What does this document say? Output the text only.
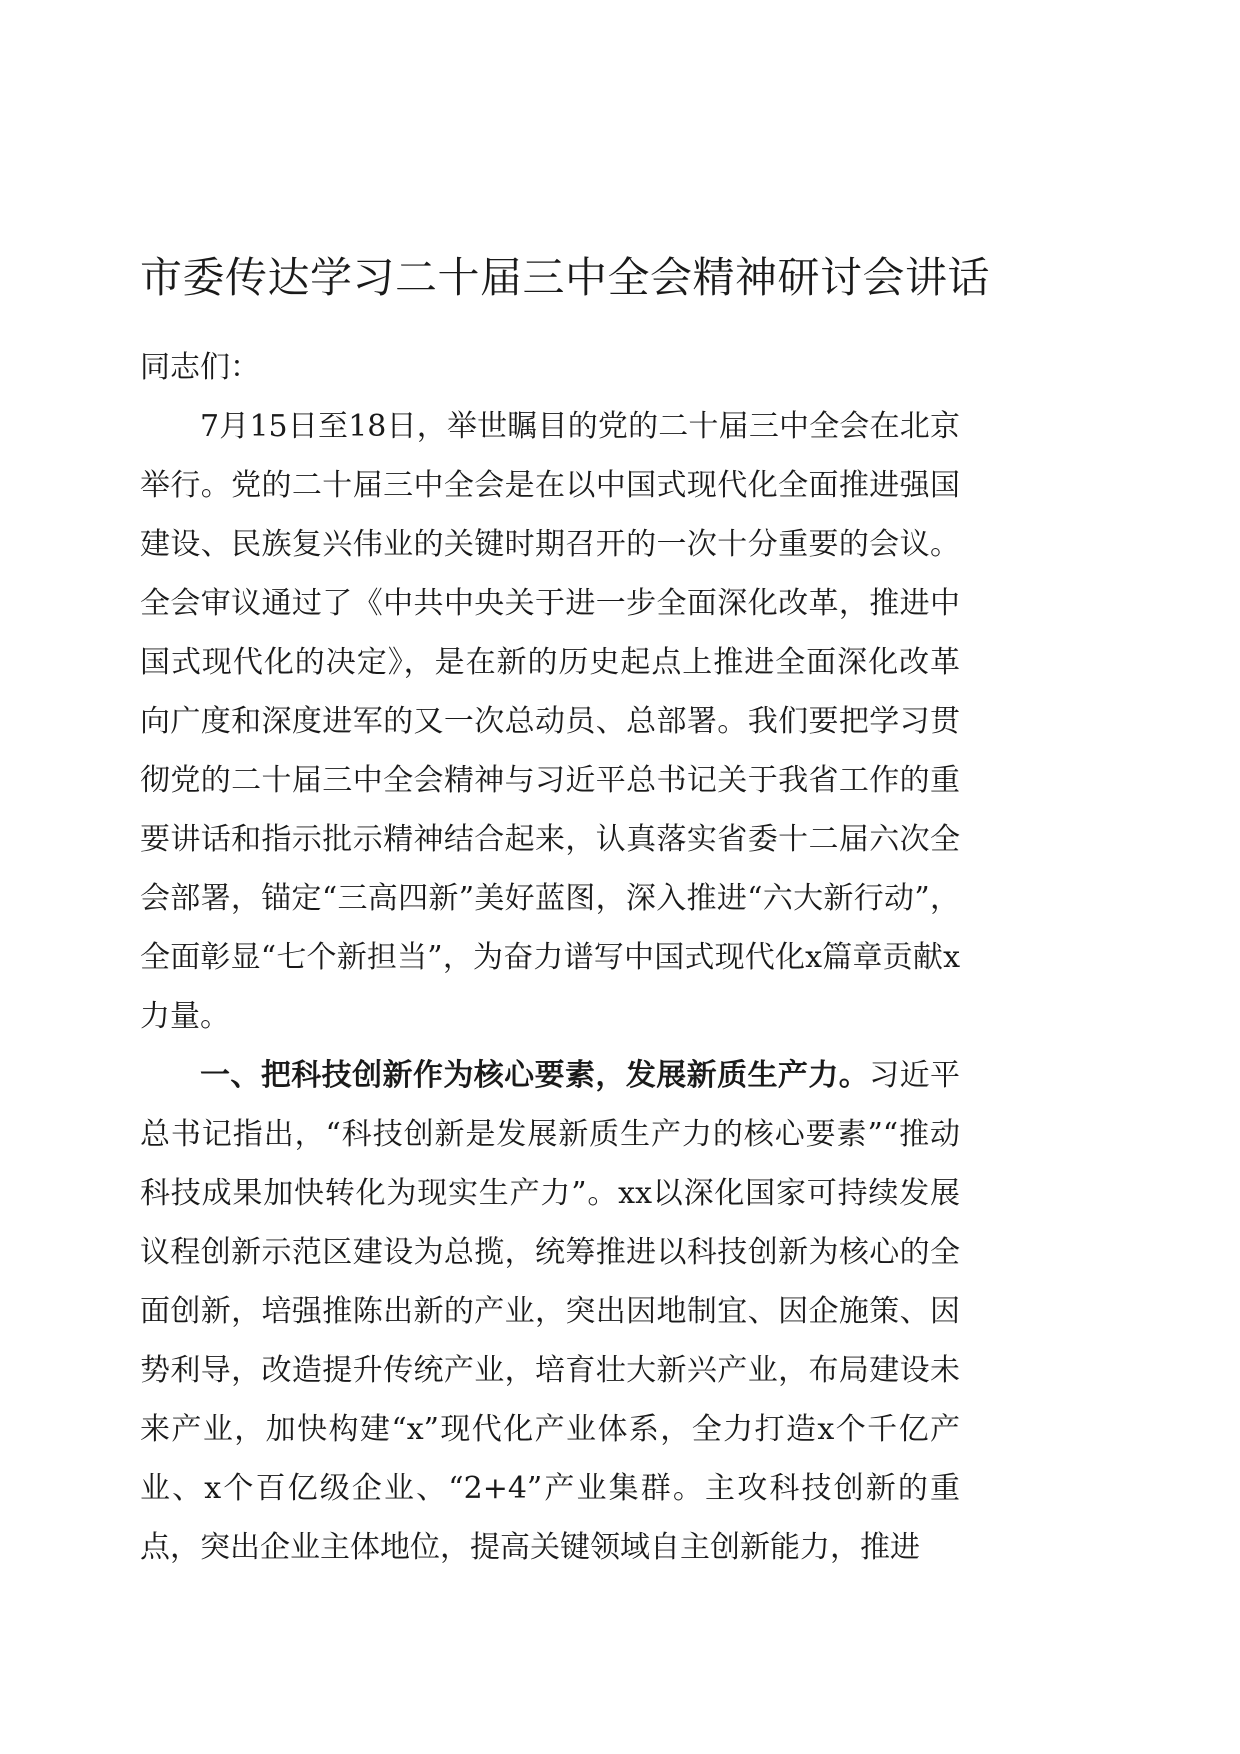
市委传达学习二十届三中全会精神研讨会讲话

同志们：

7月15日至18日，举世瞩目的党的二十届三中全会在北京举行。党的二十届三中全会是在以中国式现代化全面推进强国建设、民族复兴伟业的关键时期召开的一次十分重要的会议。全会审议通过了《中共中央关于进一步全面深化改革，推进中国式现代化的决定》，是在新的历史起点上推进全面深化改革向广度和深度进军的又一次总动员、总部署。我们要把学习贯彻党的二十届三中全会精神与习近平总书记关于我省工作的重要讲话和指示批示精神结合起来，认真落实省委十二届六次全会部署，锚定“三高四新”美好蓝图，深入推进“六大新行动”，全面彰显“七个新担当”，为奋力谱写中国式现代化x篇章贡献x力量。

一、把科技创新作为核心要素，发展新质生产力。习近平总书记指出，“科技创新是发展新质生产力的核心要素”“推动科技成果加快转化为现实生产力”。xx以深化国家可持续发展议程创新示范区建设为总揽，统筹推进以科技创新为核心的全面创新，培强推陈出新的产业，突出因地制宜、因企施策、因势利导，改造提升传统产业，培育壮大新兴产业，布局建设未来产业，加快构建“x”现代化产业体系，全力打造x个千亿产业、x个百亿级企业、“2+4”产业集群。主攻科技创新的重点，突出企业主体地位，提高关键领域自主创新能力，推进
